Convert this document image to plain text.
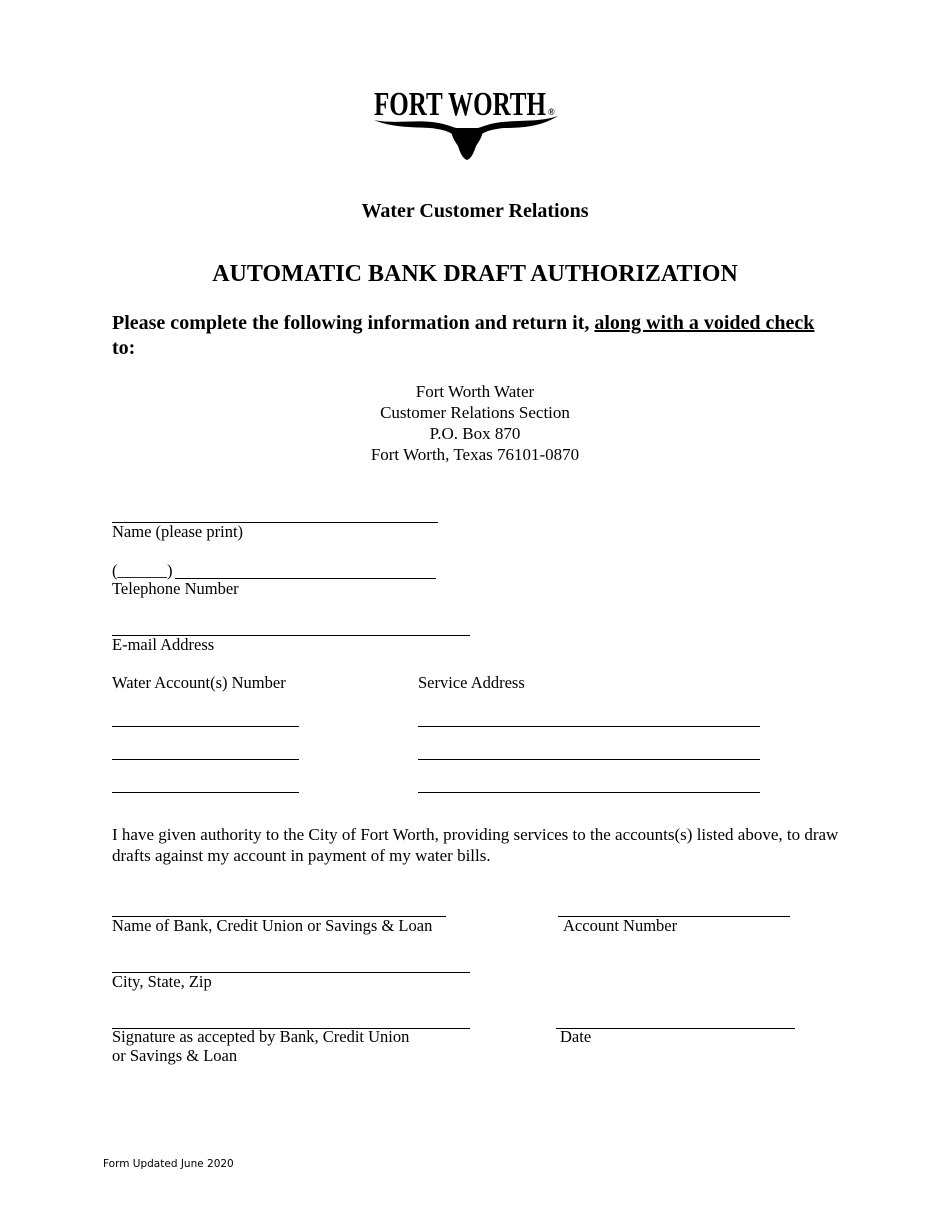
FORT WORTH ®
Water Customer Relations
AUTOMATIC BANK DRAFT AUTHORIZATION
Please complete the following information and return it, along with a voided check to:
Fort Worth Water
Customer Relations Section
P.O. Box 870
Fort Worth, Texas 76101-0870
Name (please print)
(______)
Telephone Number
E-mail Address
Water Account(s) Number	Service Address
I have given authority to the City of Fort Worth, providing services to the accounts(s) listed above, to draw drafts against my account in payment of my water bills.
Name of Bank, Credit Union or Savings & Loan	Account Number
City, State, Zip
Signature as accepted by Bank, Credit Union
or Savings & Loan
Date
Form Updated June 2020
